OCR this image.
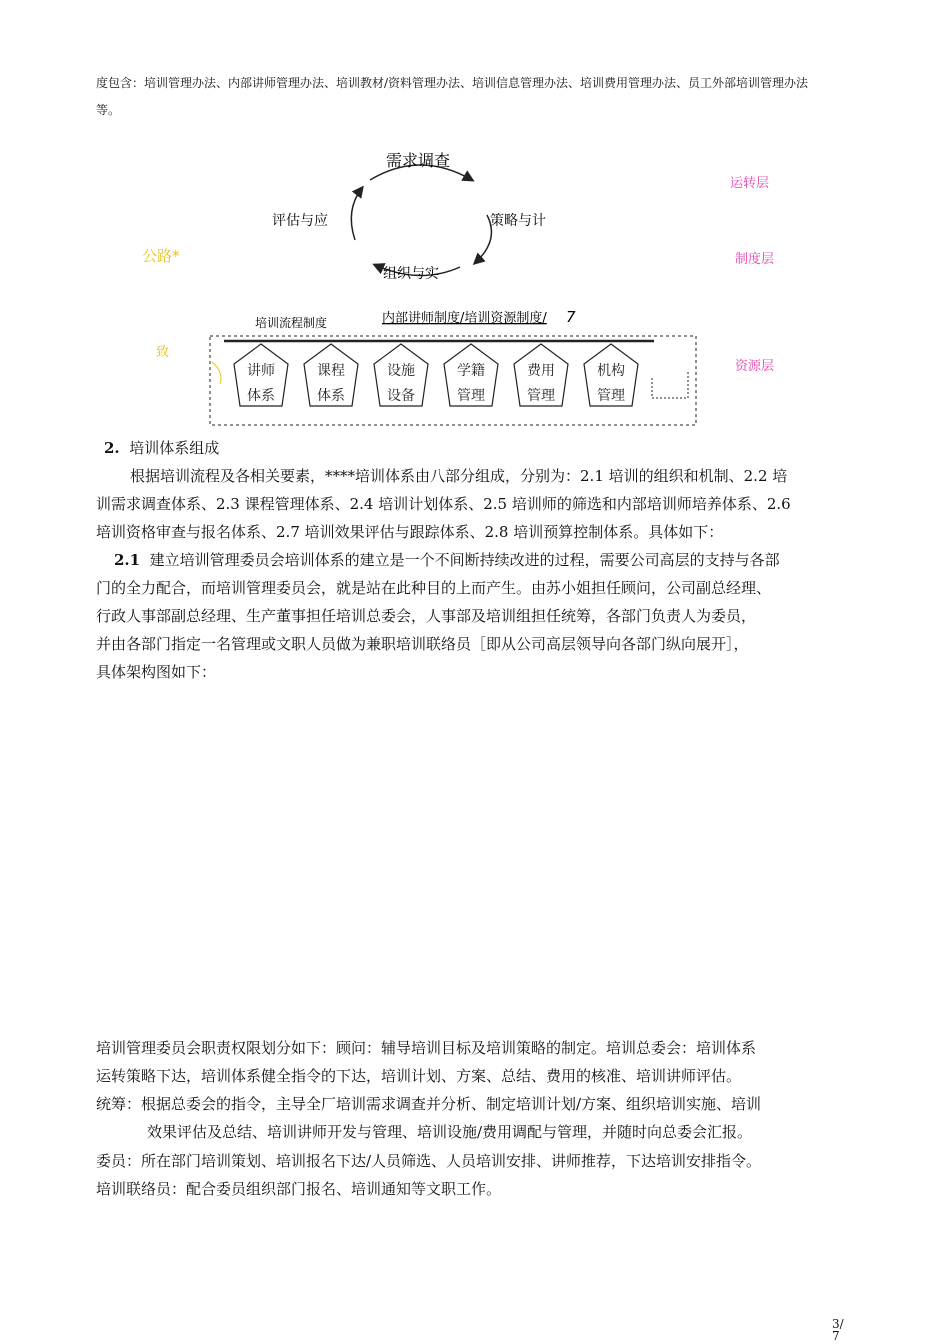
度包含：培训管理办法、内部讲师管理办法、培训教材/资料管理办法、培训信息管理办法、培训费用管理办法、员工外部培训管理办法
等。
需求调查
评估与应	策略与计
组织与实
运转层
制度层
资源层
公路*
致
培训流程制度	内部讲师制度/培训资源制度/ 7
讲师
体系
课程
体系
设施
设备
学籍
管理
费用
管理
机构
管理
2. 培训体系组成
根据培训流程及各相关要素，****培训体系由八部分组成，分别为：2.1 培训的组织和机制、2.2 培
训需求调查体系、2.3 课程管理体系、2.4 培训计划体系、2.5 培训师的筛选和内部培训师培养体系、2.6
培训资格审查与报名体系、2.7 培训效果评估与跟踪体系、2.8 培训预算控制体系。具体如下：
2.1 建立培训管理委员会培训体系的建立是一个不间断持续改进的过程，需要公司高层的支持与各部
门的全力配合，而培训管理委员会，就是站在此种目的上而产生。由苏小姐担任顾问，公司副总经理、
行政人事部副总经理、生产董事担任培训总委会，人事部及培训组担任统筹，各部门负责人为委员，
并由各部门指定一名管理或文职人员做为兼职培训联络员［即从公司高层领导向各部门纵向展开］，
具体架构图如下：
培训管理委员会职责权限划分如下：顾问：辅导培训目标及培训策略的制定。培训总委会：培训体系
运转策略下达，培训体系健全指令的下达，培训计划、方案、总结、费用的核准、培训讲师评估。
统筹：根据总委会的指令，主导全厂培训需求调查并分析、制定培训计划/方案、组织培训实施、培训
效果评估及总结、培训讲师开发与管理、培训设施/费用调配与管理，并随时向总委会汇报。
委员：所在部门培训策划、培训报名下达/人员筛选、人员培训安排、讲师推荐，下达培训安排指令。
培训联络员：配合委员组织部门报名、培训通知等文职工作。
3/
7
